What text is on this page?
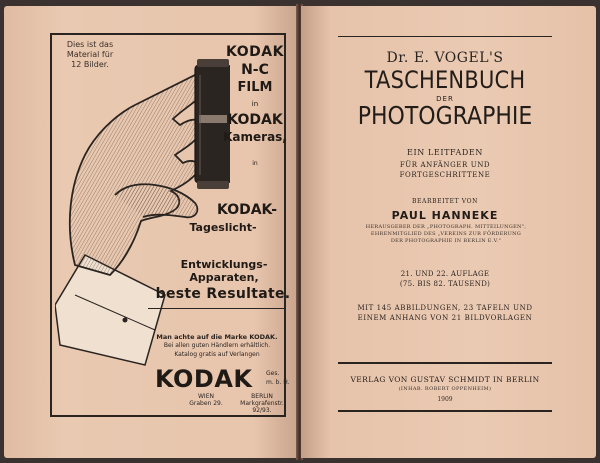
Dies ist das
Material für
12 Bilder.
KODAK
N-C
FILM
in
KODAK
Kameras,
in
KODAK-
Tageslicht-
Entwicklungs-Apparaten,
beste Resultate.
Man achte auf die Marke KODAK.
Bei allen guten Händlern erhältlich.
Katalog gratis auf Verlangen
KODAK Ges.
m. b. H.
WIEN
Graben 29.
BERLIN
Markgrafenstr. 92/93.
Dr. E. VOGEL'S
TASCHENBUCH
DER
PHOTOGRAPHIE
EIN LEITFADEN
FÜR ANFÄNGER UND
FORTGESCHRITTENE
BEARBEITET VON
PAUL HANNEKE
HERAUSGEBER DER „PHOTOGRAPH. MITTEILUNGEN",
EHRENMITGLIED DES „VEREINS ZUR FÖRDERUNG
DER PHOTOGRAPHIE IN BERLIN E.V."
21. UND 22. AUFLAGE
(75. BIS 82. TAUSEND)
MIT 145 ABBILDUNGEN, 23 TAFELN UND
EINEM ANHANG VON 21 BILDVORLAGEN
VERLAG VON GUSTAV SCHMIDT IN BERLIN
(INHAB. ROBERT OPPENHEIM)
1909
